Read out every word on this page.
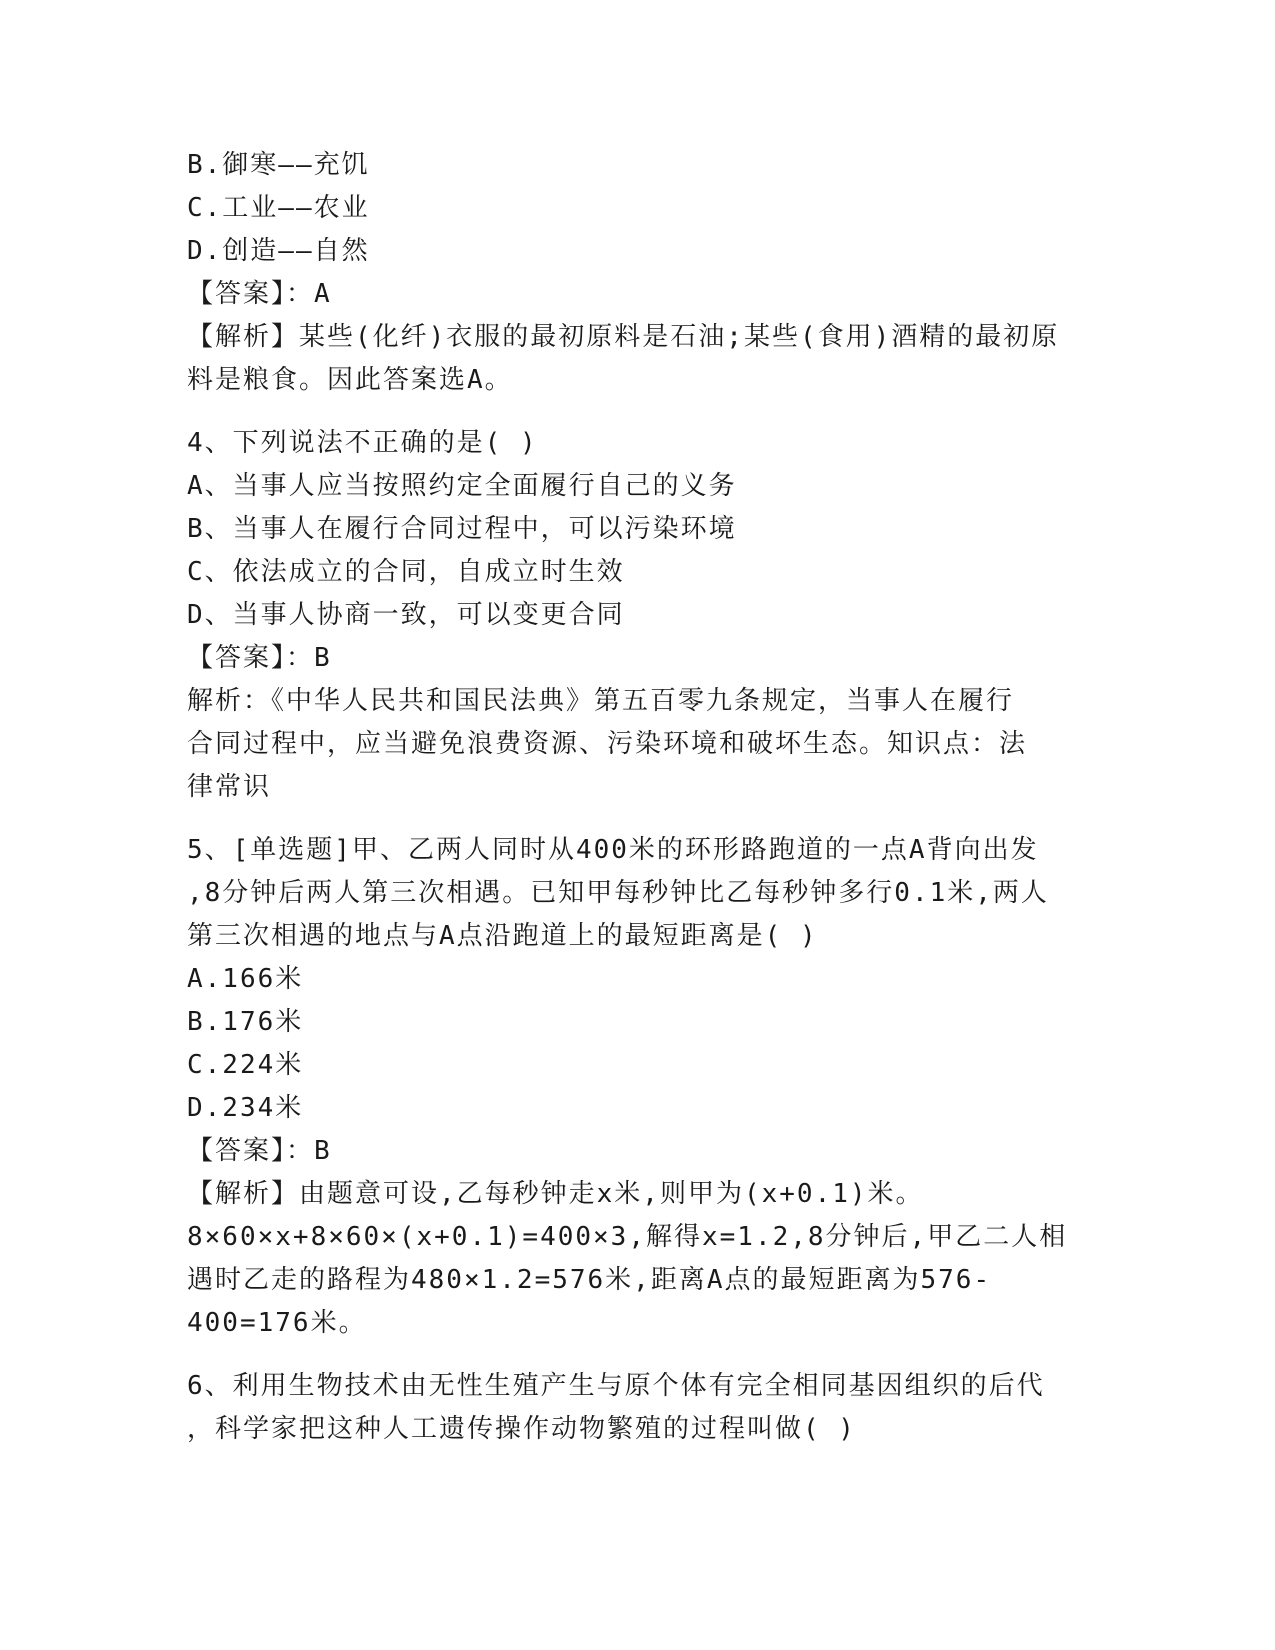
B.御寒——充饥
C.工业——农业
D.创造——自然
【答案】：A
【解析】某些(化纤)衣服的最初原料是石油;某些(食用)酒精的最初原
料是粮食。因此答案选A。
4、下列说法不正确的是( )
A、当事人应当按照约定全面履行自己的义务
B、当事人在履行合同过程中，可以污染环境
C、依法成立的合同，自成立时生效
D、当事人协商一致，可以变更合同
【答案】：B
解析：《中华人民共和国民法典》第五百零九条规定，当事人在履行
合同过程中，应当避免浪费资源、污染环境和破坏生态。知识点：法
律常识
5、[单选题]甲、乙两人同时从400米的环形路跑道的一点A背向出发
,8分钟后两人第三次相遇。已知甲每秒钟比乙每秒钟多行0.1米,两人
第三次相遇的地点与A点沿跑道上的最短距离是( )
A.166米
B.176米
C.224米
D.234米
【答案】：B
【解析】由题意可设,乙每秒钟走x米,则甲为(x+0.1)米。
8×60×x+8×60×(x+0.1)=400×3,解得x=1.2,8分钟后,甲乙二人相
遇时乙走的路程为480×1.2=576米,距离A点的最短距离为576-
400=176米。
6、利用生物技术由无性生殖产生与原个体有完全相同基因组织的后代
，科学家把这种人工遗传操作动物繁殖的过程叫做( )
